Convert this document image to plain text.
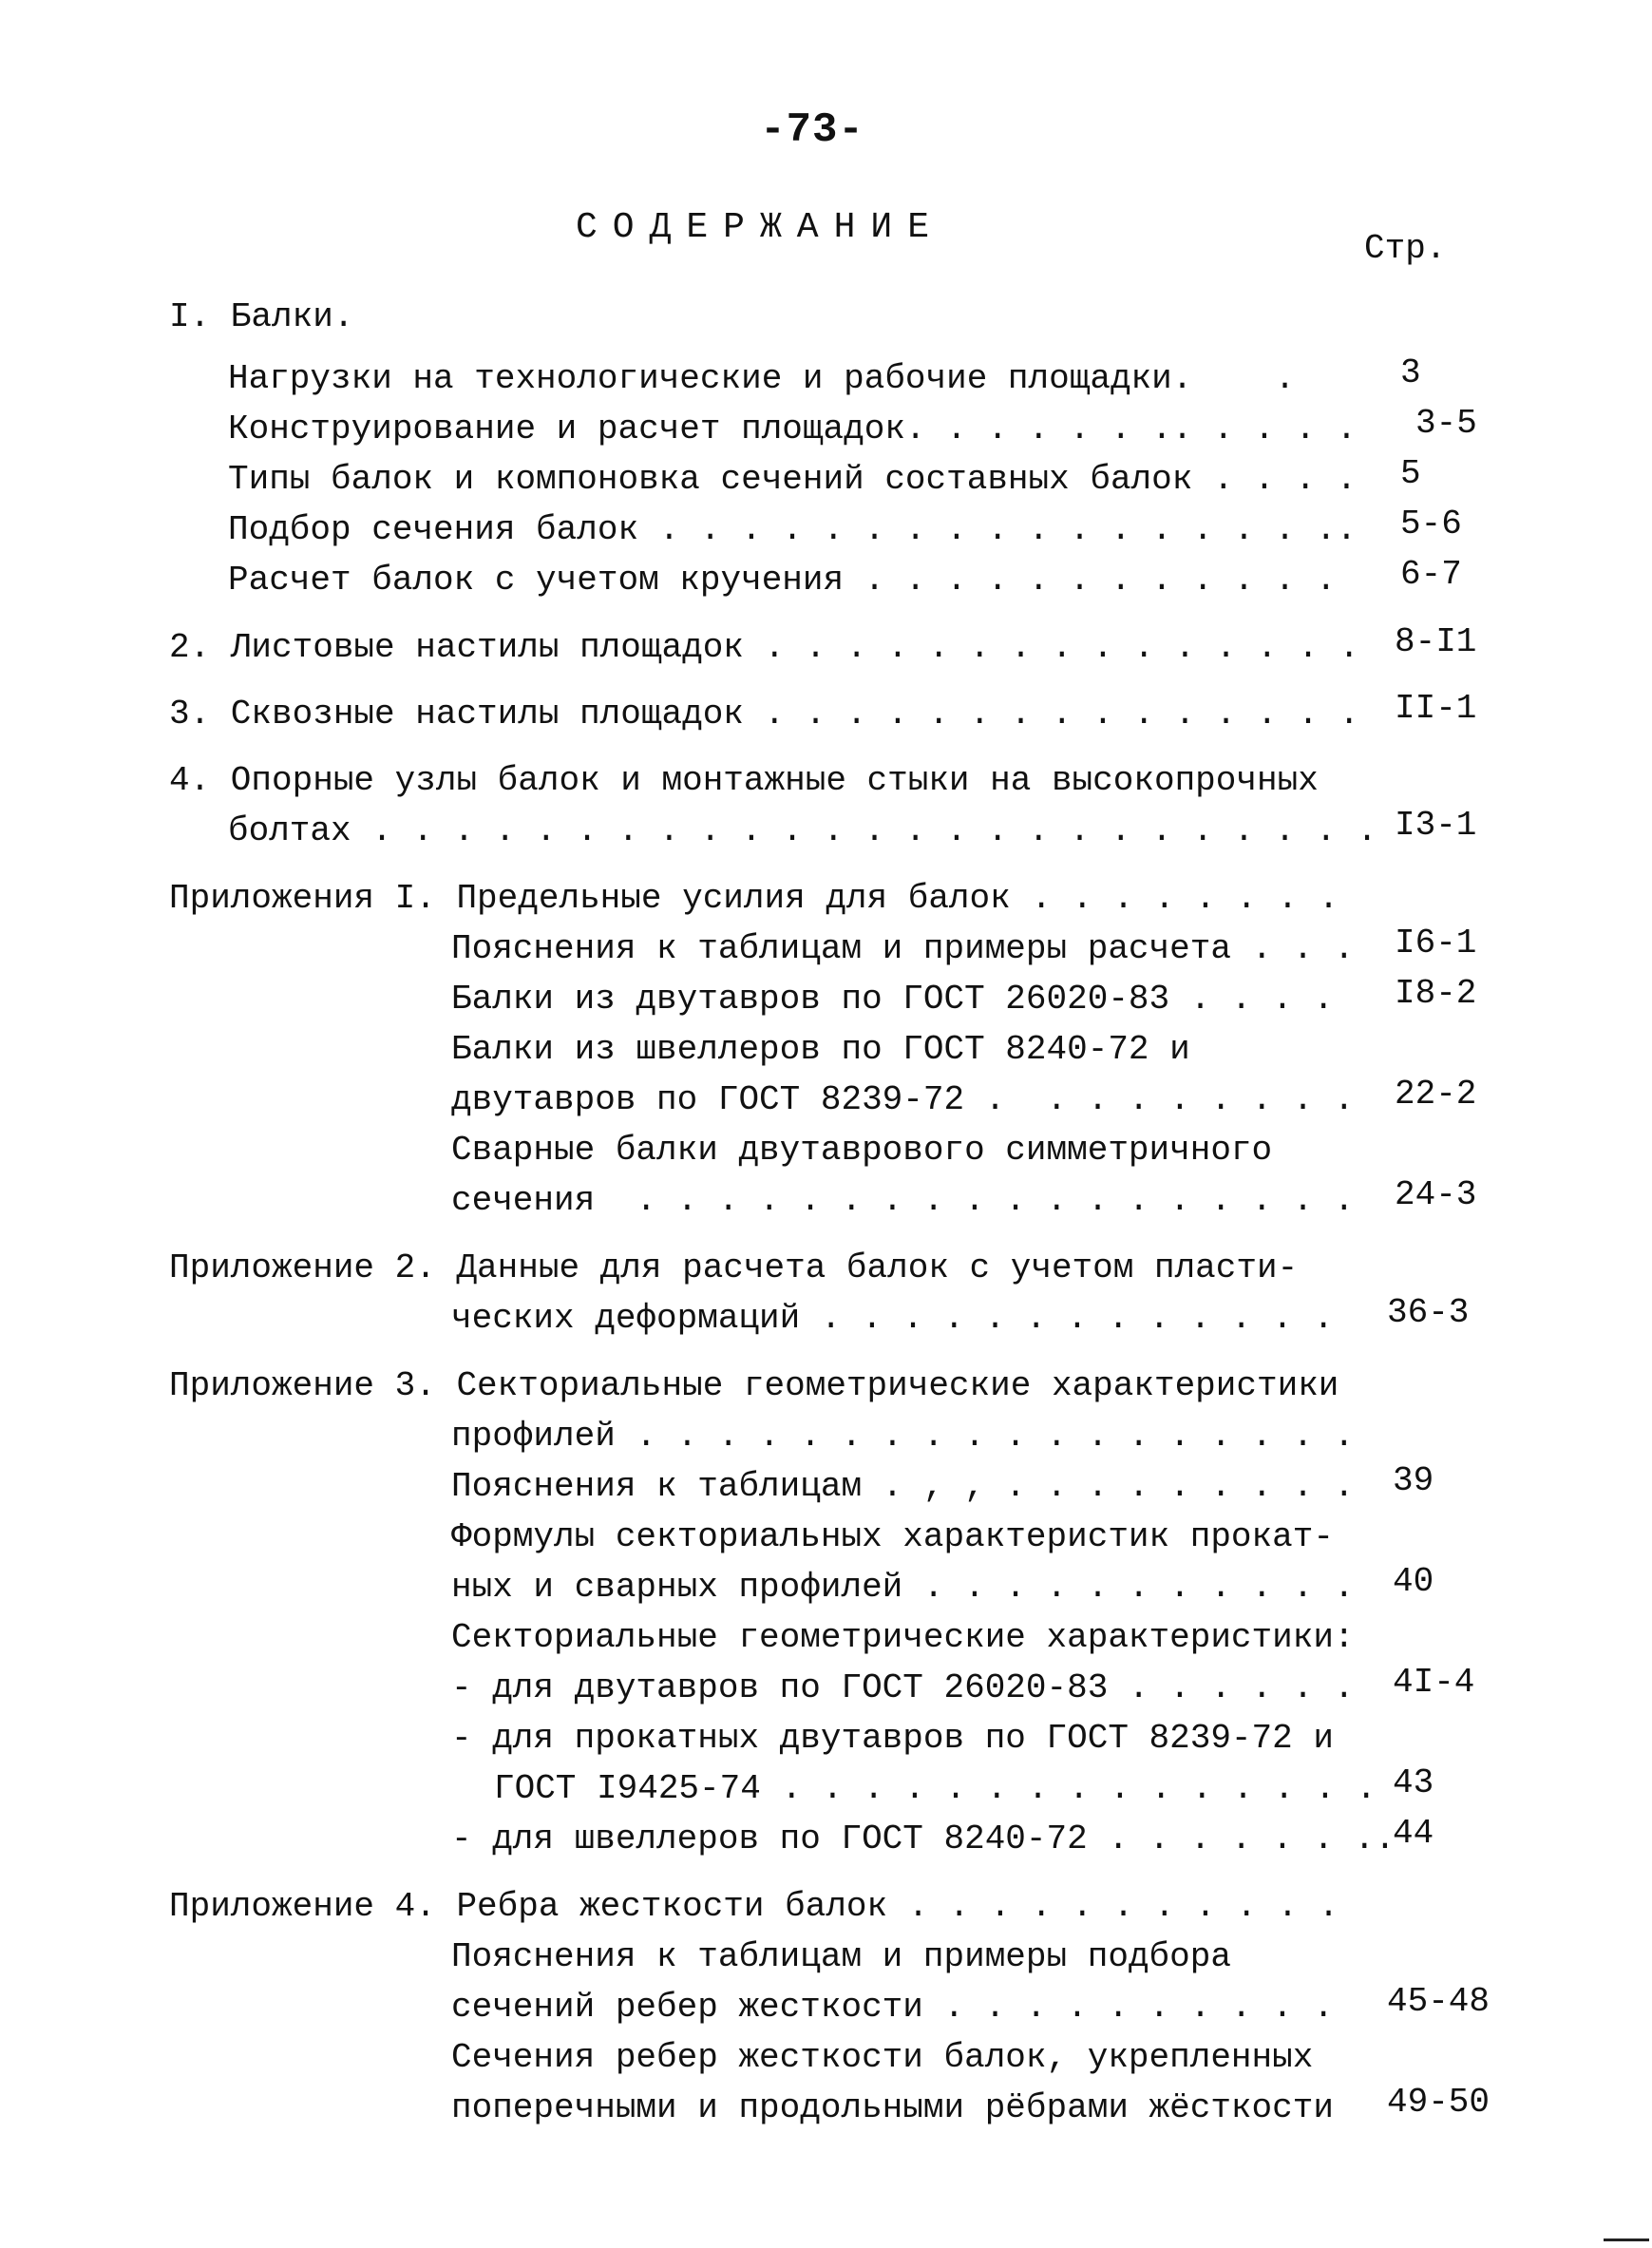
-73-
СОДЕРЖАНИЕ
Стр.
I. Балки.
Нагрузки на технологические и рабочие площадки.    .	3
Конструирование и расчет площадок. . . . . . .. . . . . 3-5
Типы балок и компоновка сечений составных балок . . . . 5
Подбор сечения балок . . . . . . . . . . . . . . . . .. 5-6
Расчет балок с учетом кручения . . . . . . . . . . . . 6-7
2. Листовые настилы площадок . . . . . . . . . . . . . . . 8-I1
3. Сквозные настилы площадок . . . . . . . . . . . . . . . II-1
4. Опорные узлы балок и монтажные стыки на высокопрочных
болтах . . . . . . . . . . . . . . . . . . . . . . . . . I3-1
Приложения I. Предельные усилия для балок . . . . . . . .
Пояснения к таблицам и примеры расчета . . . I6-1
Балки из двутавров по ГОСТ 26020-83 . . . . I8-2
Балки из швеллеров по ГОСТ 8240-72 и
двутавров по ГОСТ 8239-72 .  . . . . . . . . 22-2
Сварные балки двутаврового симметричного
сечения  . . . . . . . . . . . . . . . . . . 24-3
Приложение 2. Данные для расчета балок с учетом пласти-
ческих деформаций . . . . . . . . . . . . . 36-3
Приложение 3. Секториальные геометрические характеристики
профилей . . . . . . . . . . . . . . . . . .
Пояснения к таблицам . , , . . . . . . . . . 39
Формулы секториальных характеристик прокат-
ных и сварных профилей . . . . . . . . . . . 40
Секториальные геометрические характеристики:
- для двутавров по ГОСТ 26020-83 . . . . . . 4I-4
- для прокатных двутавров по ГОСТ 8239-72 и
ГОСТ I9425-74 . . . . . . . . . . . . . . . 43
- для швеллеров по ГОСТ 8240-72 . . . . . . ..
44
Приложение 4. Ребра жесткости балок . . . . . . . . . . .
Пояснения к таблицам и примеры подбора
сечений ребер жесткости . . . . . . . . . . 45-48
Сечения ребер жесткости балок, укрепленных
поперечными и продольными рёбрами жёсткости 49-50
